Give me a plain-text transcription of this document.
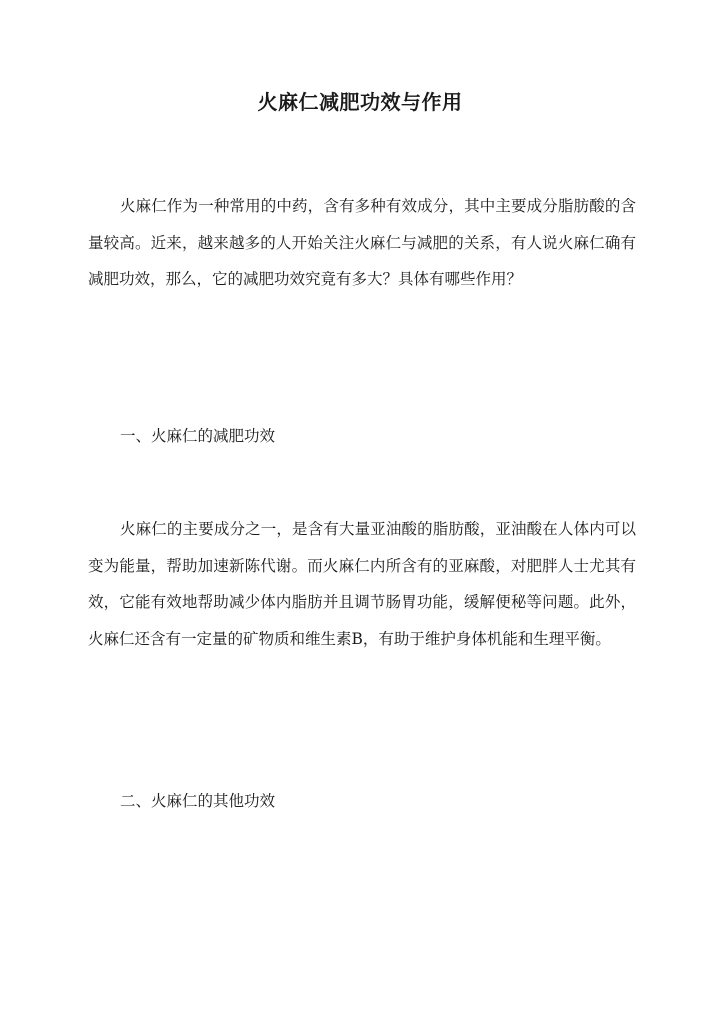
火麻仁减肥功效与作用

火麻仁作为一种常用的中药，含有多种有效成分，其中主要成分脂肪酸的含量较高。近来，越来越多的人开始关注火麻仁与减肥的关系，有人说火麻仁确有减肥功效，那么，它的减肥功效究竟有多大？具体有哪些作用？

一、火麻仁的减肥功效

火麻仁的主要成分之一，是含有大量亚油酸的脂肪酸，亚油酸在人体内可以变为能量，帮助加速新陈代谢。而火麻仁内所含有的亚麻酸，对肥胖人士尤其有效，它能有效地帮助减少体内脂肪并且调节肠胃功能，缓解便秘等问题。此外，火麻仁还含有一定量的矿物质和维生素B，有助于维护身体机能和生理平衡。

二、火麻仁的其他功效
